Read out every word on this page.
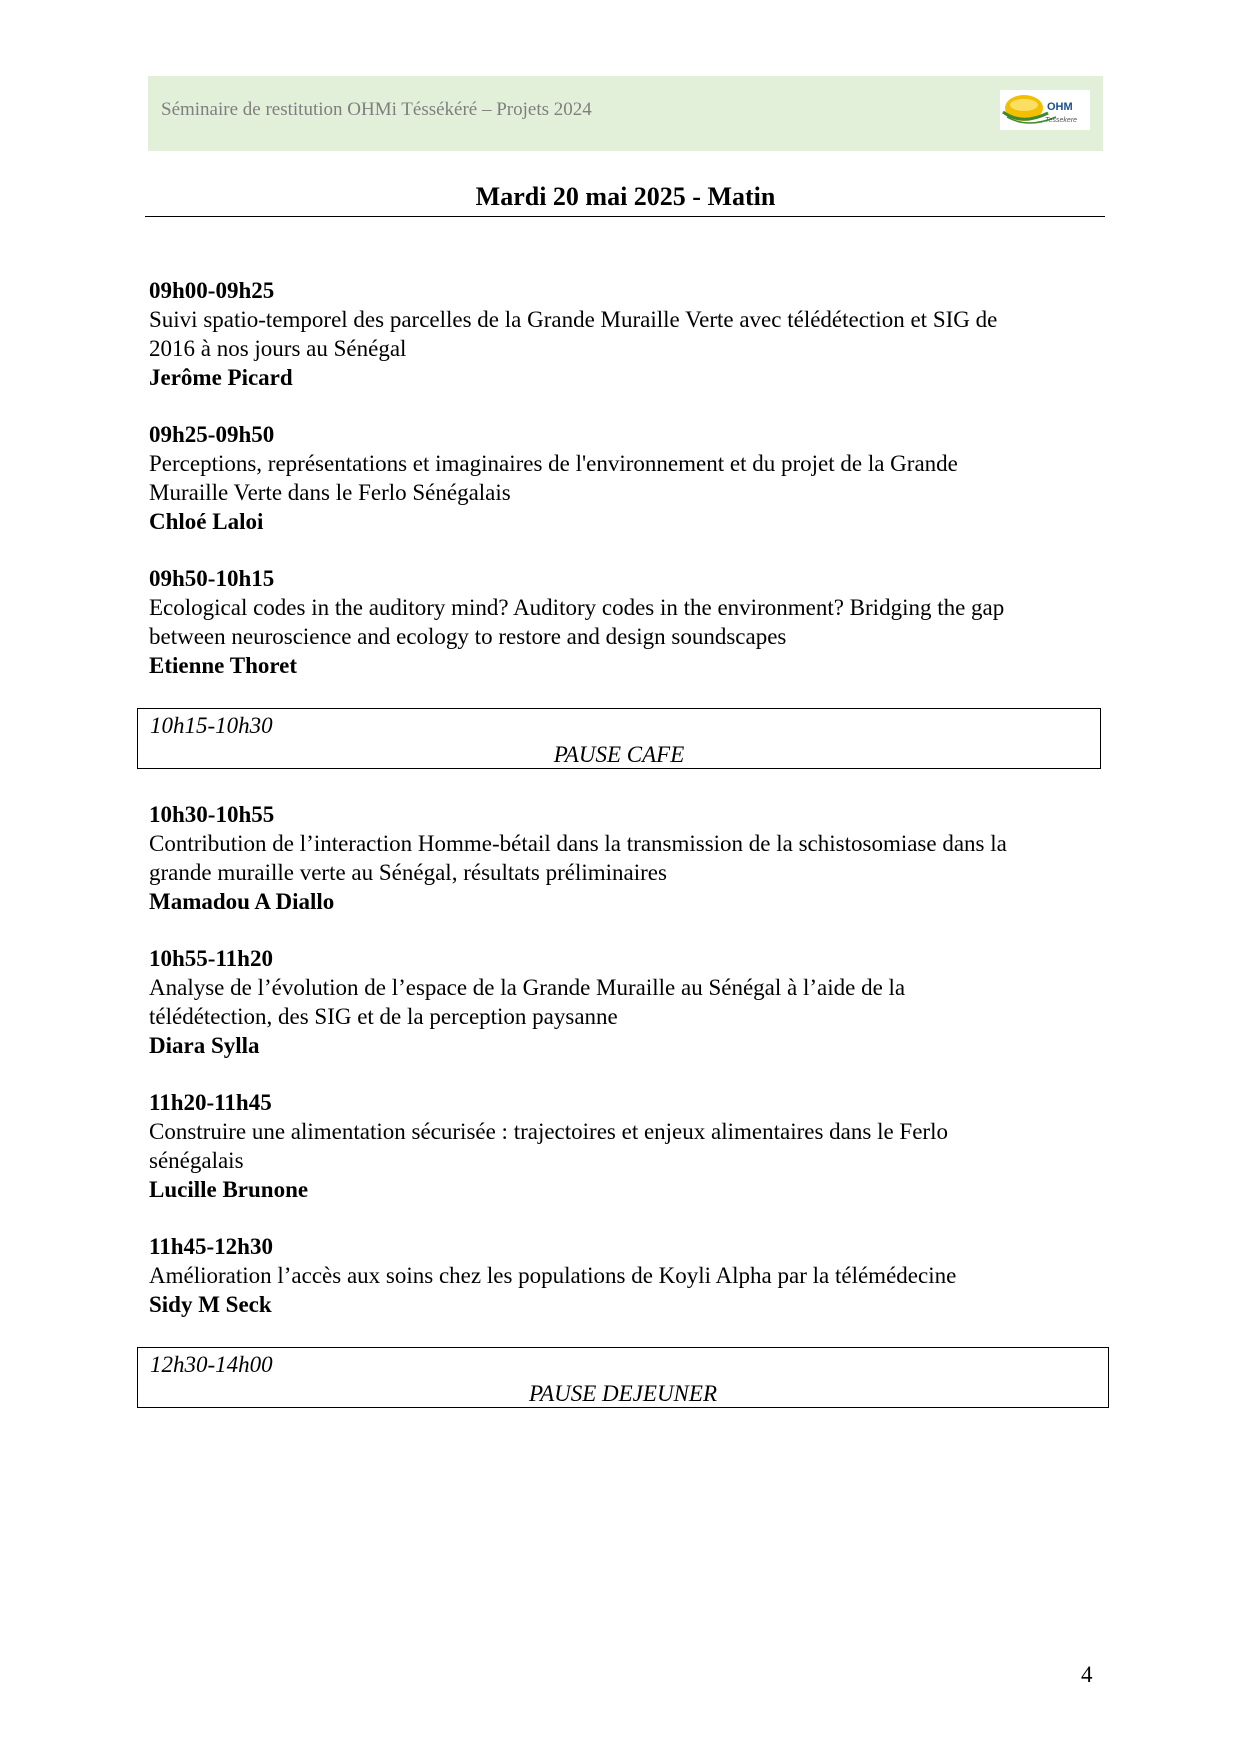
Séminaire de restitution OHMi Téssékéré – Projets 2024	OHM
Tessekere
Mardi 20 mai 2025 - Matin
09h00-09h25
Suivi spatio-temporel des parcelles de la Grande Muraille Verte avec télédétection et SIG de
2016 à nos jours au Sénégal
Jerôme Picard
09h25-09h50
Perceptions, représentations et imaginaires de l'environnement et du projet de la Grande
Muraille Verte dans le Ferlo Sénégalais
Chloé Laloi
09h50-10h15
Ecological codes in the auditory mind? Auditory codes in the environment? Bridging the gap
between neuroscience and ecology to restore and design soundscapes
Etienne Thoret
10h15-10h30
PAUSE CAFE
10h30-10h55
Contribution de l’interaction Homme-bétail dans la transmission de la schistosomiase dans la
grande muraille verte au Sénégal, résultats préliminaires
Mamadou A Diallo
10h55-11h20
Analyse de l’évolution de l’espace de la Grande Muraille au Sénégal à l’aide de la
télédétection, des SIG et de la perception paysanne
Diara Sylla
11h20-11h45
Construire une alimentation sécurisée : trajectoires et enjeux alimentaires dans le Ferlo
sénégalais
Lucille Brunone
11h45-12h30
Amélioration l’accès aux soins chez les populations de Koyli Alpha par la télémédecine
Sidy M Seck
12h30-14h00
PAUSE DEJEUNER
4
